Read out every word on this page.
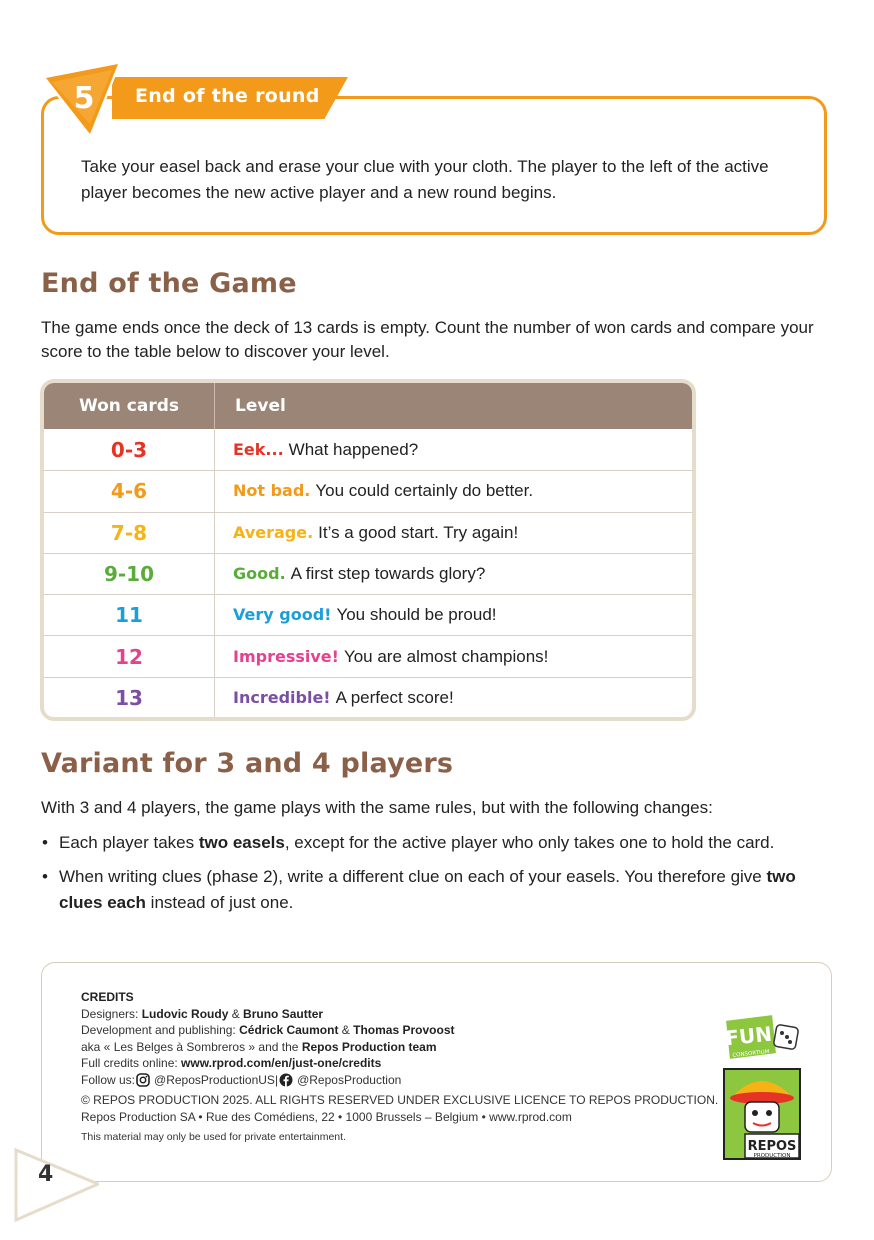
5 End of the round
Take your easel back and erase your clue with your cloth. The player to the left of the active player becomes the new active player and a new round begins.
End of the Game
The game ends once the deck of 13 cards is empty. Count the number of won cards and compare your score to the table below to discover your level.
Won cards	Level
0-3	Eek... What happened?
4-6	Not bad. You could certainly do better.
7-8	Average. It’s a good start. Try again!
9-10	Good. A first step towards glory?
11	Very good! You should be proud!
12	Impressive! You are almost champions!
13	Incredible! A perfect score!
Variant for 3 and 4 players
With 3 and 4 players, the game plays with the same rules, but with the following changes:
• Each player takes two easels, except for the active player who only takes one to hold the card.
• When writing clues (phase 2), write a different clue on each of your easels. You therefore give two clues each instead of just one.
CREDITS
Designers: Ludovic Roudy & Bruno Sautter
Development and publishing: Cédrick Caumont & Thomas Provoost
aka « Les Belges à Sombreros » and the Repos Production team
Full credits online: www.rprod.com/en/just-one/credits
Follow us: @ReposProductionUS | @ReposProduction
© REPOS PRODUCTION 2025. ALL RIGHTS RESERVED UNDER EXCLUSIVE LICENCE TO REPOS PRODUCTION.
Repos Production SA • Rue des Comédiens, 22 • 1000 Brussels – Belgium • www.rprod.com
This material may only be used for private entertainment.
FUN
CONSORTIUM
REPOS
PRODUCTION
4
